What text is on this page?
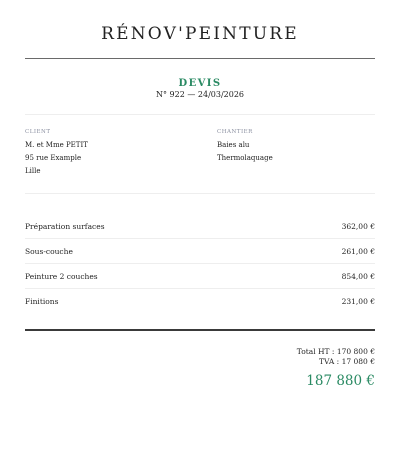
RÉNOV'PEINTURE
DEVIS
N° 922 — 24/03/2026
CLIENT
M. et Mme PETIT
95 rue Example
Lille
CHANTIER
Baies alu
Thermolaquage
Préparation surfaces	362,00 €
Sous-couche	261,00 €
Peinture 2 couches	854,00 €
Finitions	231,00 €
Total HT : 170 800 €
TVA : 17 080 €
187 880 €
